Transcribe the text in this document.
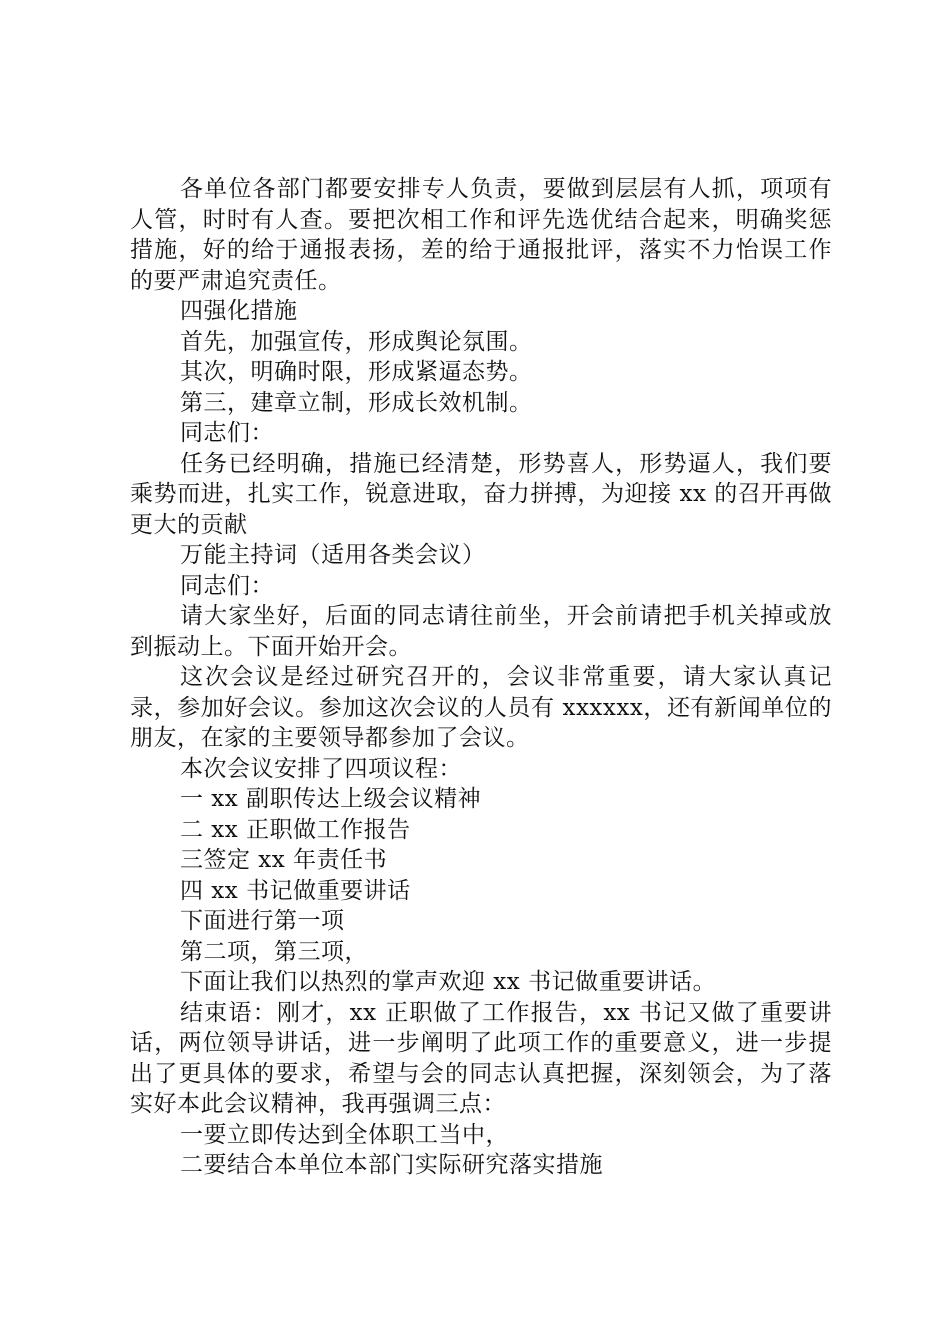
各单位各部门都要安排专人负责，要做到层层有人抓，项项有人管，时时有人查。要把次相工作和评先选优结合起来，明确奖惩措施，好的给于通报表扬，差的给于通报批评，落实不力怡误工作的要严肃追究责任。

四强化措施

首先，加强宣传，形成舆论氛围。

其次，明确时限，形成紧逼态势。

第三，建章立制，形成长效机制。

同志们：

任务已经明确，措施已经清楚，形势喜人，形势逼人，我们要乘势而进，扎实工作，锐意进取，奋力拼搏，为迎接 xx 的召开再做更大的贡献

万能主持词（适用各类会议）

同志们：

请大家坐好，后面的同志请往前坐，开会前请把手机关掉或放到振动上。下面开始开会。

这次会议是经过研究召开的，会议非常重要，请大家认真记录，参加好会议。参加这次会议的人员有 xxxxxx，还有新闻单位的朋友，在家的主要领导都参加了会议。

本次会议安排了四项议程：

一 xx 副职传达上级会议精神

二 xx 正职做工作报告

三签定 xx 年责任书

四 xx 书记做重要讲话

下面进行第一项

第二项，第三项，

下面让我们以热烈的掌声欢迎 xx 书记做重要讲话。

结束语：刚才，xx 正职做了工作报告，xx 书记又做了重要讲话，两位领导讲话，进一步阐明了此项工作的重要意义，进一步提出了更具体的要求，希望与会的同志认真把握，深刻领会，为了落实好本此会议精神，我再强调三点：

一要立即传达到全体职工当中，

二要结合本单位本部门实际研究落实措施
